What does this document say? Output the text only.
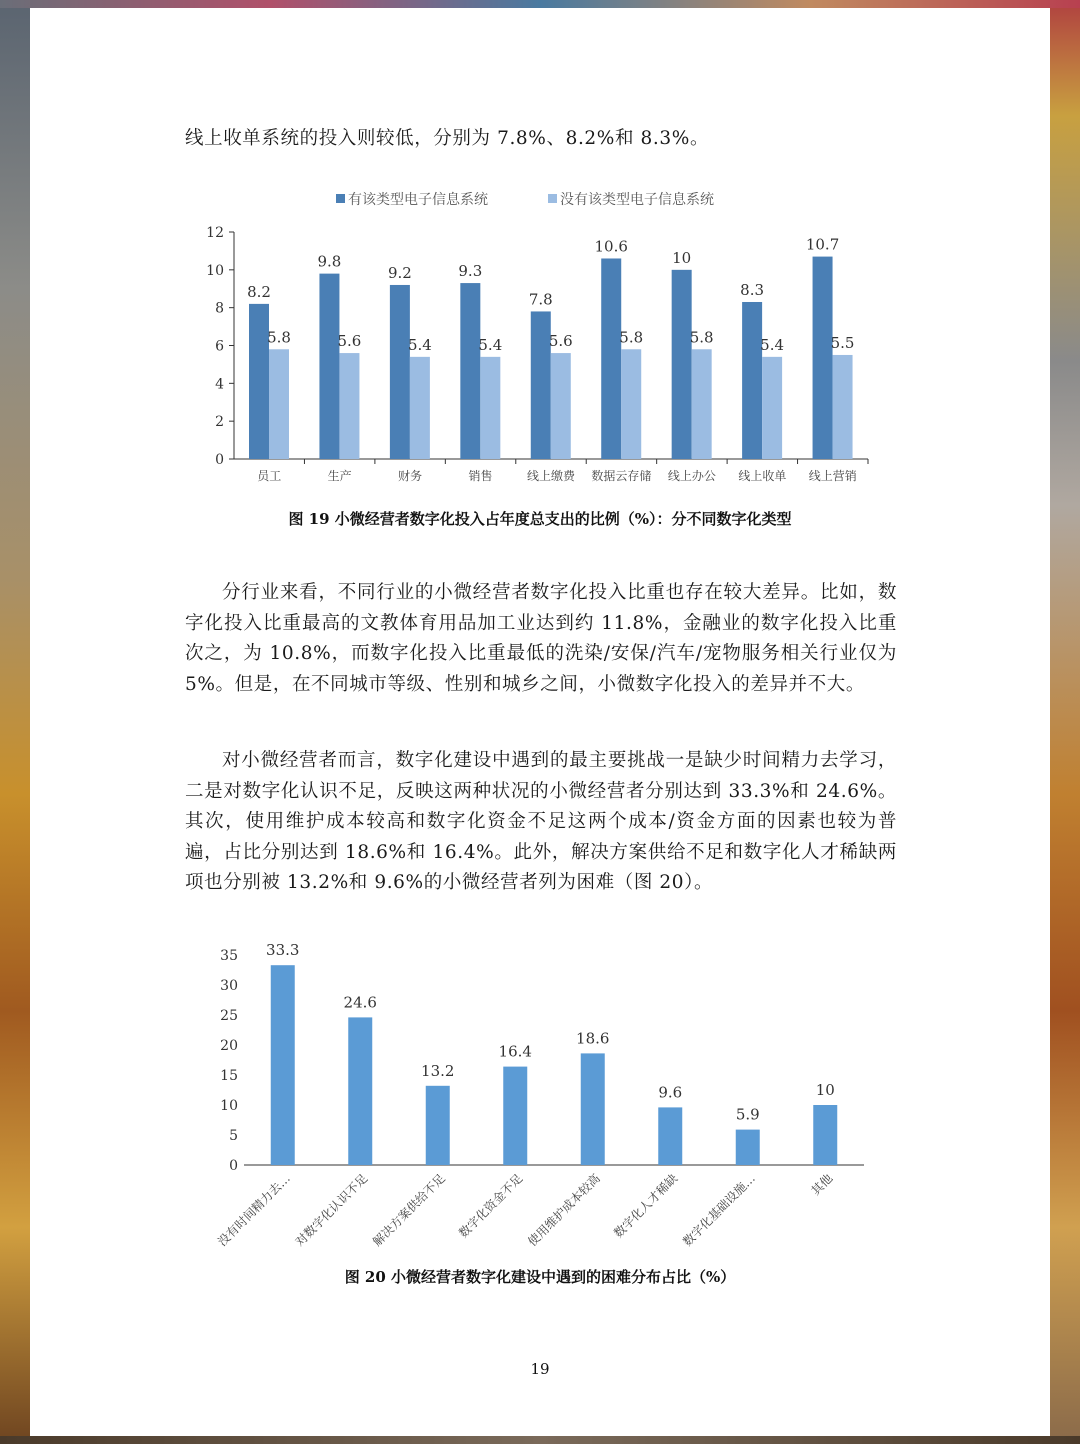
线上收单系统的投入则较低，分别为 7.8%、8.2%和 8.3%。

有该类型电子信息系统	没有该类型电子信息系统
0
2
4
6
8
10
12
员工	生产	财务	销售	线上缴费 数据云存储 线上办公 线上收单 线上营销
8.2
5.8
9.8
5.6
9.2
5.4
9.3
5.4
7.8
5.6
10.6
5.8
10
5.8
8.3
5.4
10.7
5.5
图 19 小微经营者数字化投入占年度总支出的比例（%）：分不同数字化类型

分行业来看，不同行业的小微经营者数字化投入比重也存在较大差异。比如，数字化投入比重最高的文教体育用品加工业达到约 11.8%，金融业的数字化投入比重次之，为 10.8%，而数字化投入比重最低的洗染/安保/汽车/宠物服务相关行业仅为 5%。但是，在不同城市等级、性别和城乡之间，小微数字化投入的差异并不大。

对小微经营者而言，数字化建设中遇到的最主要挑战一是缺少时间精力去学习，二是对数字化认识不足，反映这两种状况的小微经营者分别达到 33.3%和 24.6%。其次，使用维护成本较高和数字化资金不足这两个成本/资金方面的因素也较为普遍，占比分别达到 18.6%和 16.4%。此外，解决方案供给不足和数字化人才稀缺两项也分别被 13.2%和 9.6%的小微经营者列为困难（图 20）。

0
5
10
15
20
25
30
35
没有时间精力去… 对数字化认识不足 解决方案供给不足 数字化资金不足 使用维护成本较高 数字化人才稀缺 数字化基础设施…	其他
33.3
24.6
13.2
16.4
18.6
9.6
5.9
10
图 20 小微经营者数字化建设中遇到的困难分布占比（%）
19
